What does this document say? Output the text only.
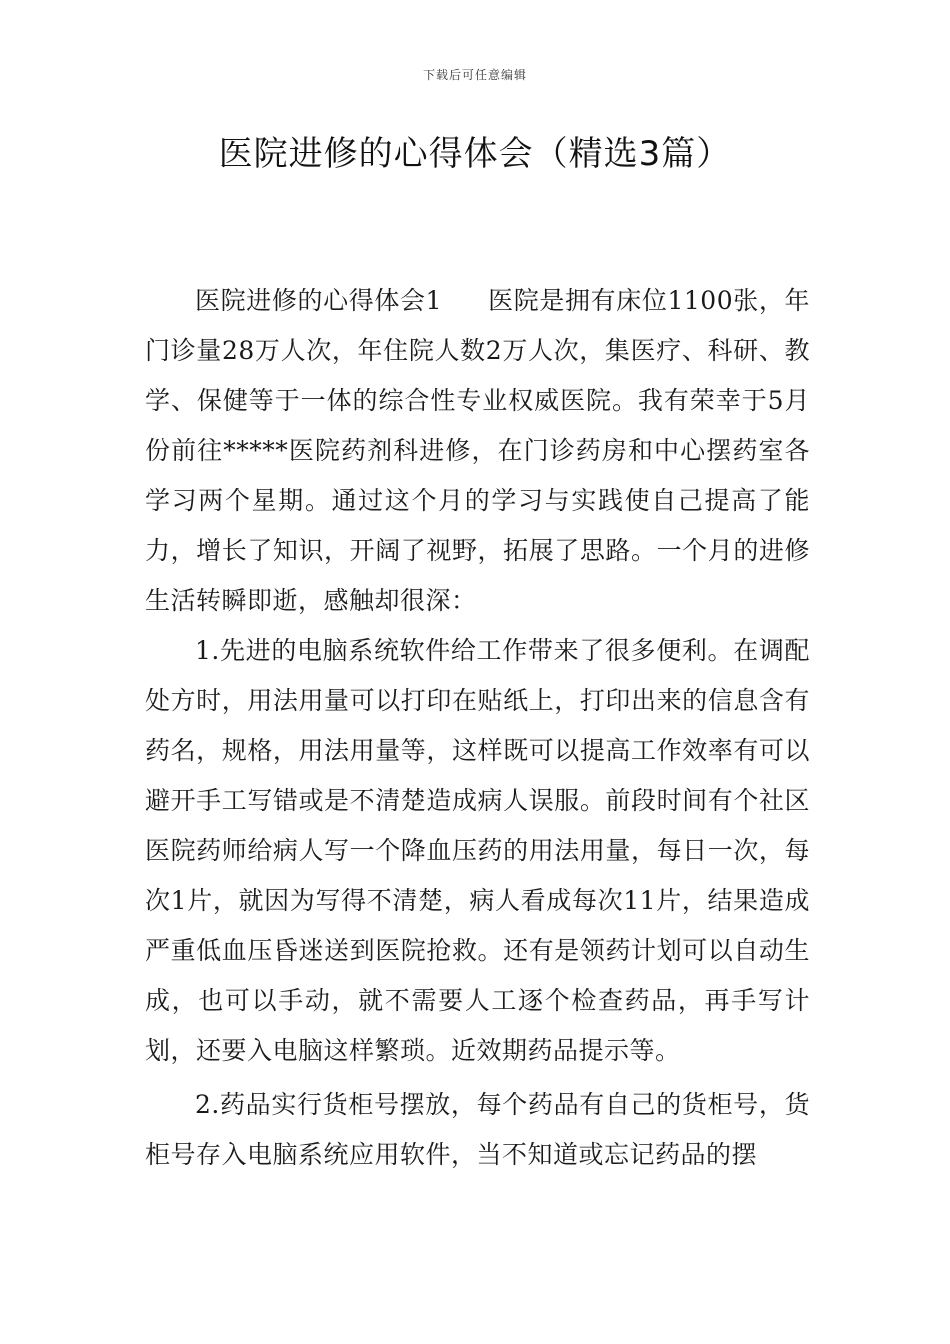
下载后可任意编辑
医院进修的心得体会（精选3篇）

医院进修的心得体会1 医院是拥有床位1100张，年门诊量28万人次，年住院人数2万人次，集医疗、科研、教学、保健等于一体的综合性专业权威医院。我有荣幸于5月份前往*****医院药剂科进修，在门诊药房和中心摆药室各学习两个星期。通过这个月的学习与实践使自己提高了能力，增长了知识，开阔了视野，拓展了思路。一个月的进修生活转瞬即逝，感触却很深：

1.先进的电脑系统软件给工作带来了很多便利。在调配处方时，用法用量可以打印在贴纸上，打印出来的信息含有药名，规格，用法用量等，这样既可以提高工作效率有可以避开手工写错或是不清楚造成病人误服。前段时间有个社区医院药师给病人写一个降血压药的用法用量，每日一次，每次1片，就因为写得不清楚，病人看成每次11片，结果造成严重低血压昏迷送到医院抢救。还有是领药计划可以自动生成，也可以手动，就不需要人工逐个检查药品，再手写计划，还要入电脑这样繁琐。近效期药品提示等。

2.药品实行货柜号摆放，每个药品有自己的货柜号，货柜号存入电脑系统应用软件，当不知道或忘记药品的摆
